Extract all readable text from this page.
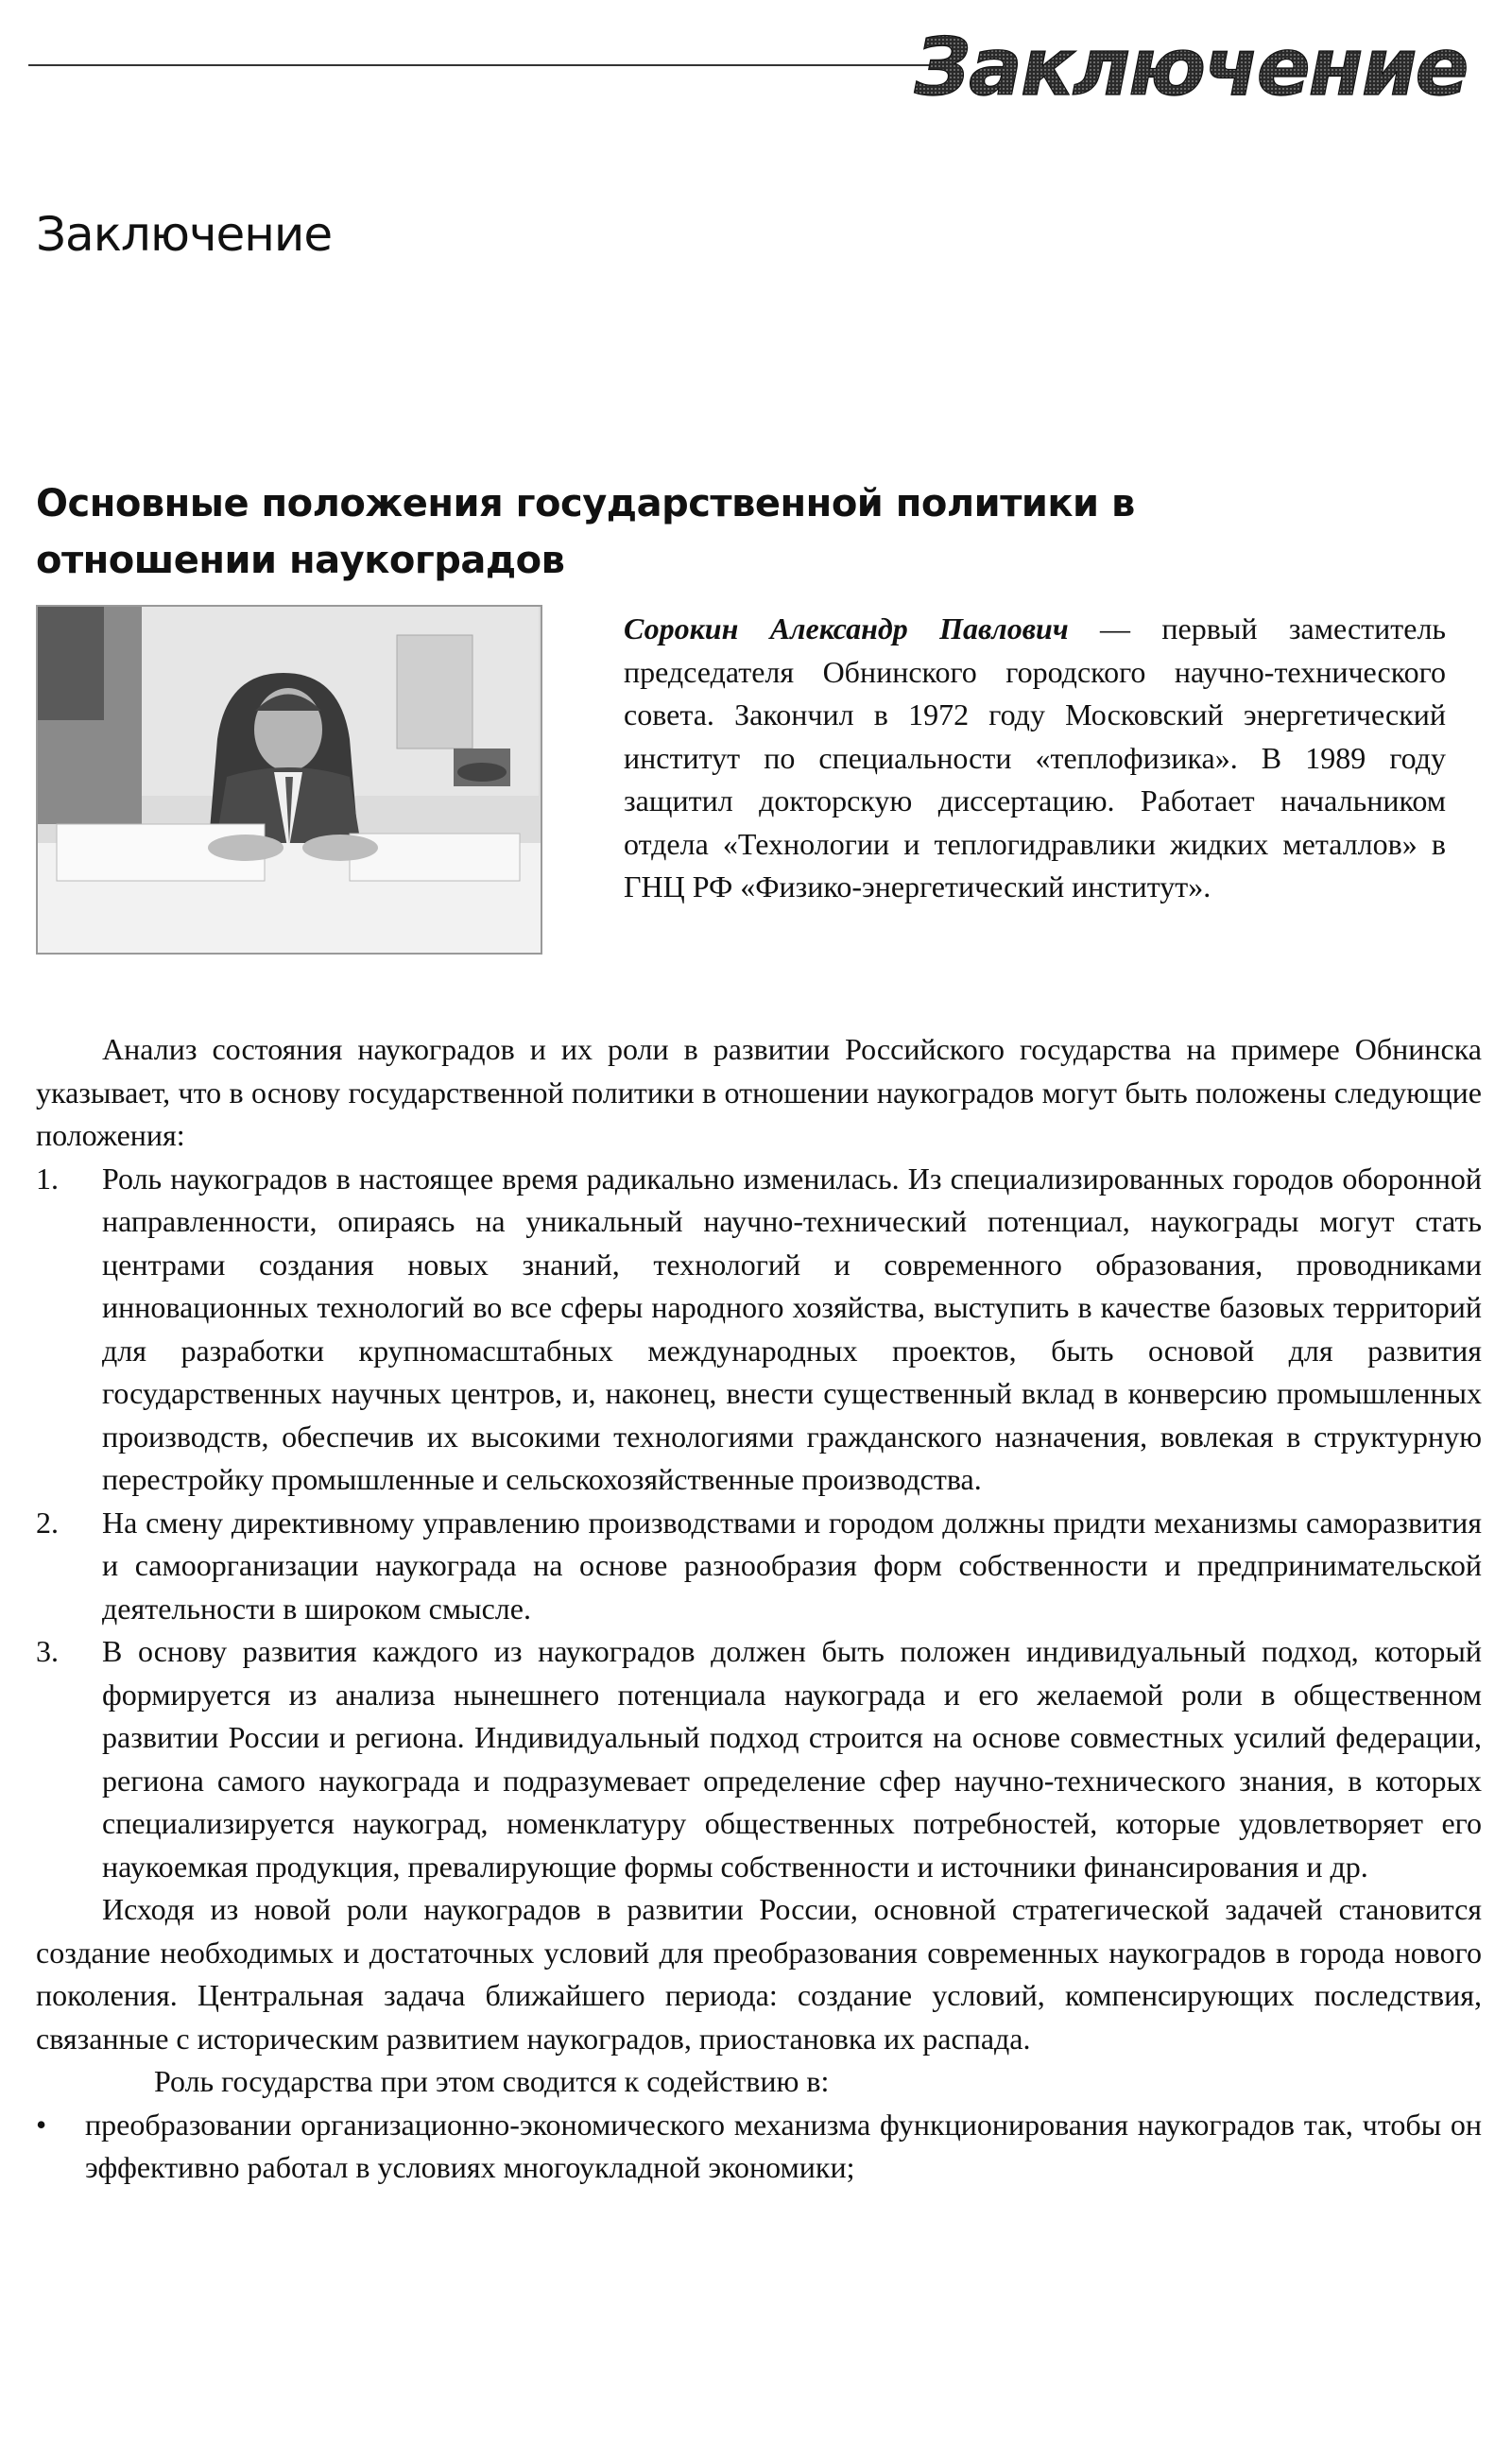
Заключение
Заключение
Основные положения государственной политики в отношении наукоградов
Сорокин Александр Павлович — первый заместитель председателя Обнинского городского научно-технического совета. Закончил в 1972 году Московский энергетический институт по специальности «теплофизика». В 1989 году защитил докторскую диссертацию. Работает начальником отдела «Технологии и теплогидравлики жидких металлов» в ГНЦ РФ «Физико-энергетический институт».

Анализ состояния наукоградов и их роли в развитии Российского государства на примере Обнинска указывает, что в основу государственной политики в отношении наукоградов могут быть положены следующие положения:

1. Роль наукоградов в настоящее время радикально изменилась. Из специализированных городов оборонной направленности, опираясь на уникальный научно-технический потенциал, наукограды могут стать центрами создания новых знаний, технологий и современного образования, проводниками инновационных технологий во все сферы народного хозяйства, выступить в качестве базовых территорий для разработки крупномасштабных международных проектов, быть основой для развития государственных научных центров, и, наконец, внести существенный вклад в конверсию промышленных производств, обеспечив их высокими технологиями гражданского назначения, вовлекая в структурную перестройку промышленные и сельскохозяйственные производства.
2. На смену директивному управлению производствами и городом должны придти механизмы саморазвития и самоорганизации наукограда на основе разнообразия форм собственности и предпринимательской деятельности в широком смысле.
3. В основу развития каждого из наукоградов должен быть положен индивидуальный подход, который формируется из анализа нынешнего потенциала наукограда и его желаемой роли в общественном развитии России и региона. Индивидуальный подход строится на основе совместных усилий федерации, региона самого наукограда и подразумевает определение сфер научно-технического знания, в которых специализируется наукоград, номенклатуру общественных потребностей, которые удовлетворяет его наукоемкая продукция, превалирующие формы собственности и источники финансирования и др.

Исходя из новой роли наукоградов в развитии России, основной стратегической задачей становится создание необходимых и достаточных условий для преобразования современных наукоградов в города нового поколения. Центральная задача ближайшего периода: создание условий, компенсирующих последствия, связанные с историческим развитием наукоградов, приостановка их распада.

Роль государства при этом сводится к содействию в:

• преобразовании организационно-экономического механизма функционирования наукоградов так, чтобы он эффективно работал в условиях многоукладной экономики;
